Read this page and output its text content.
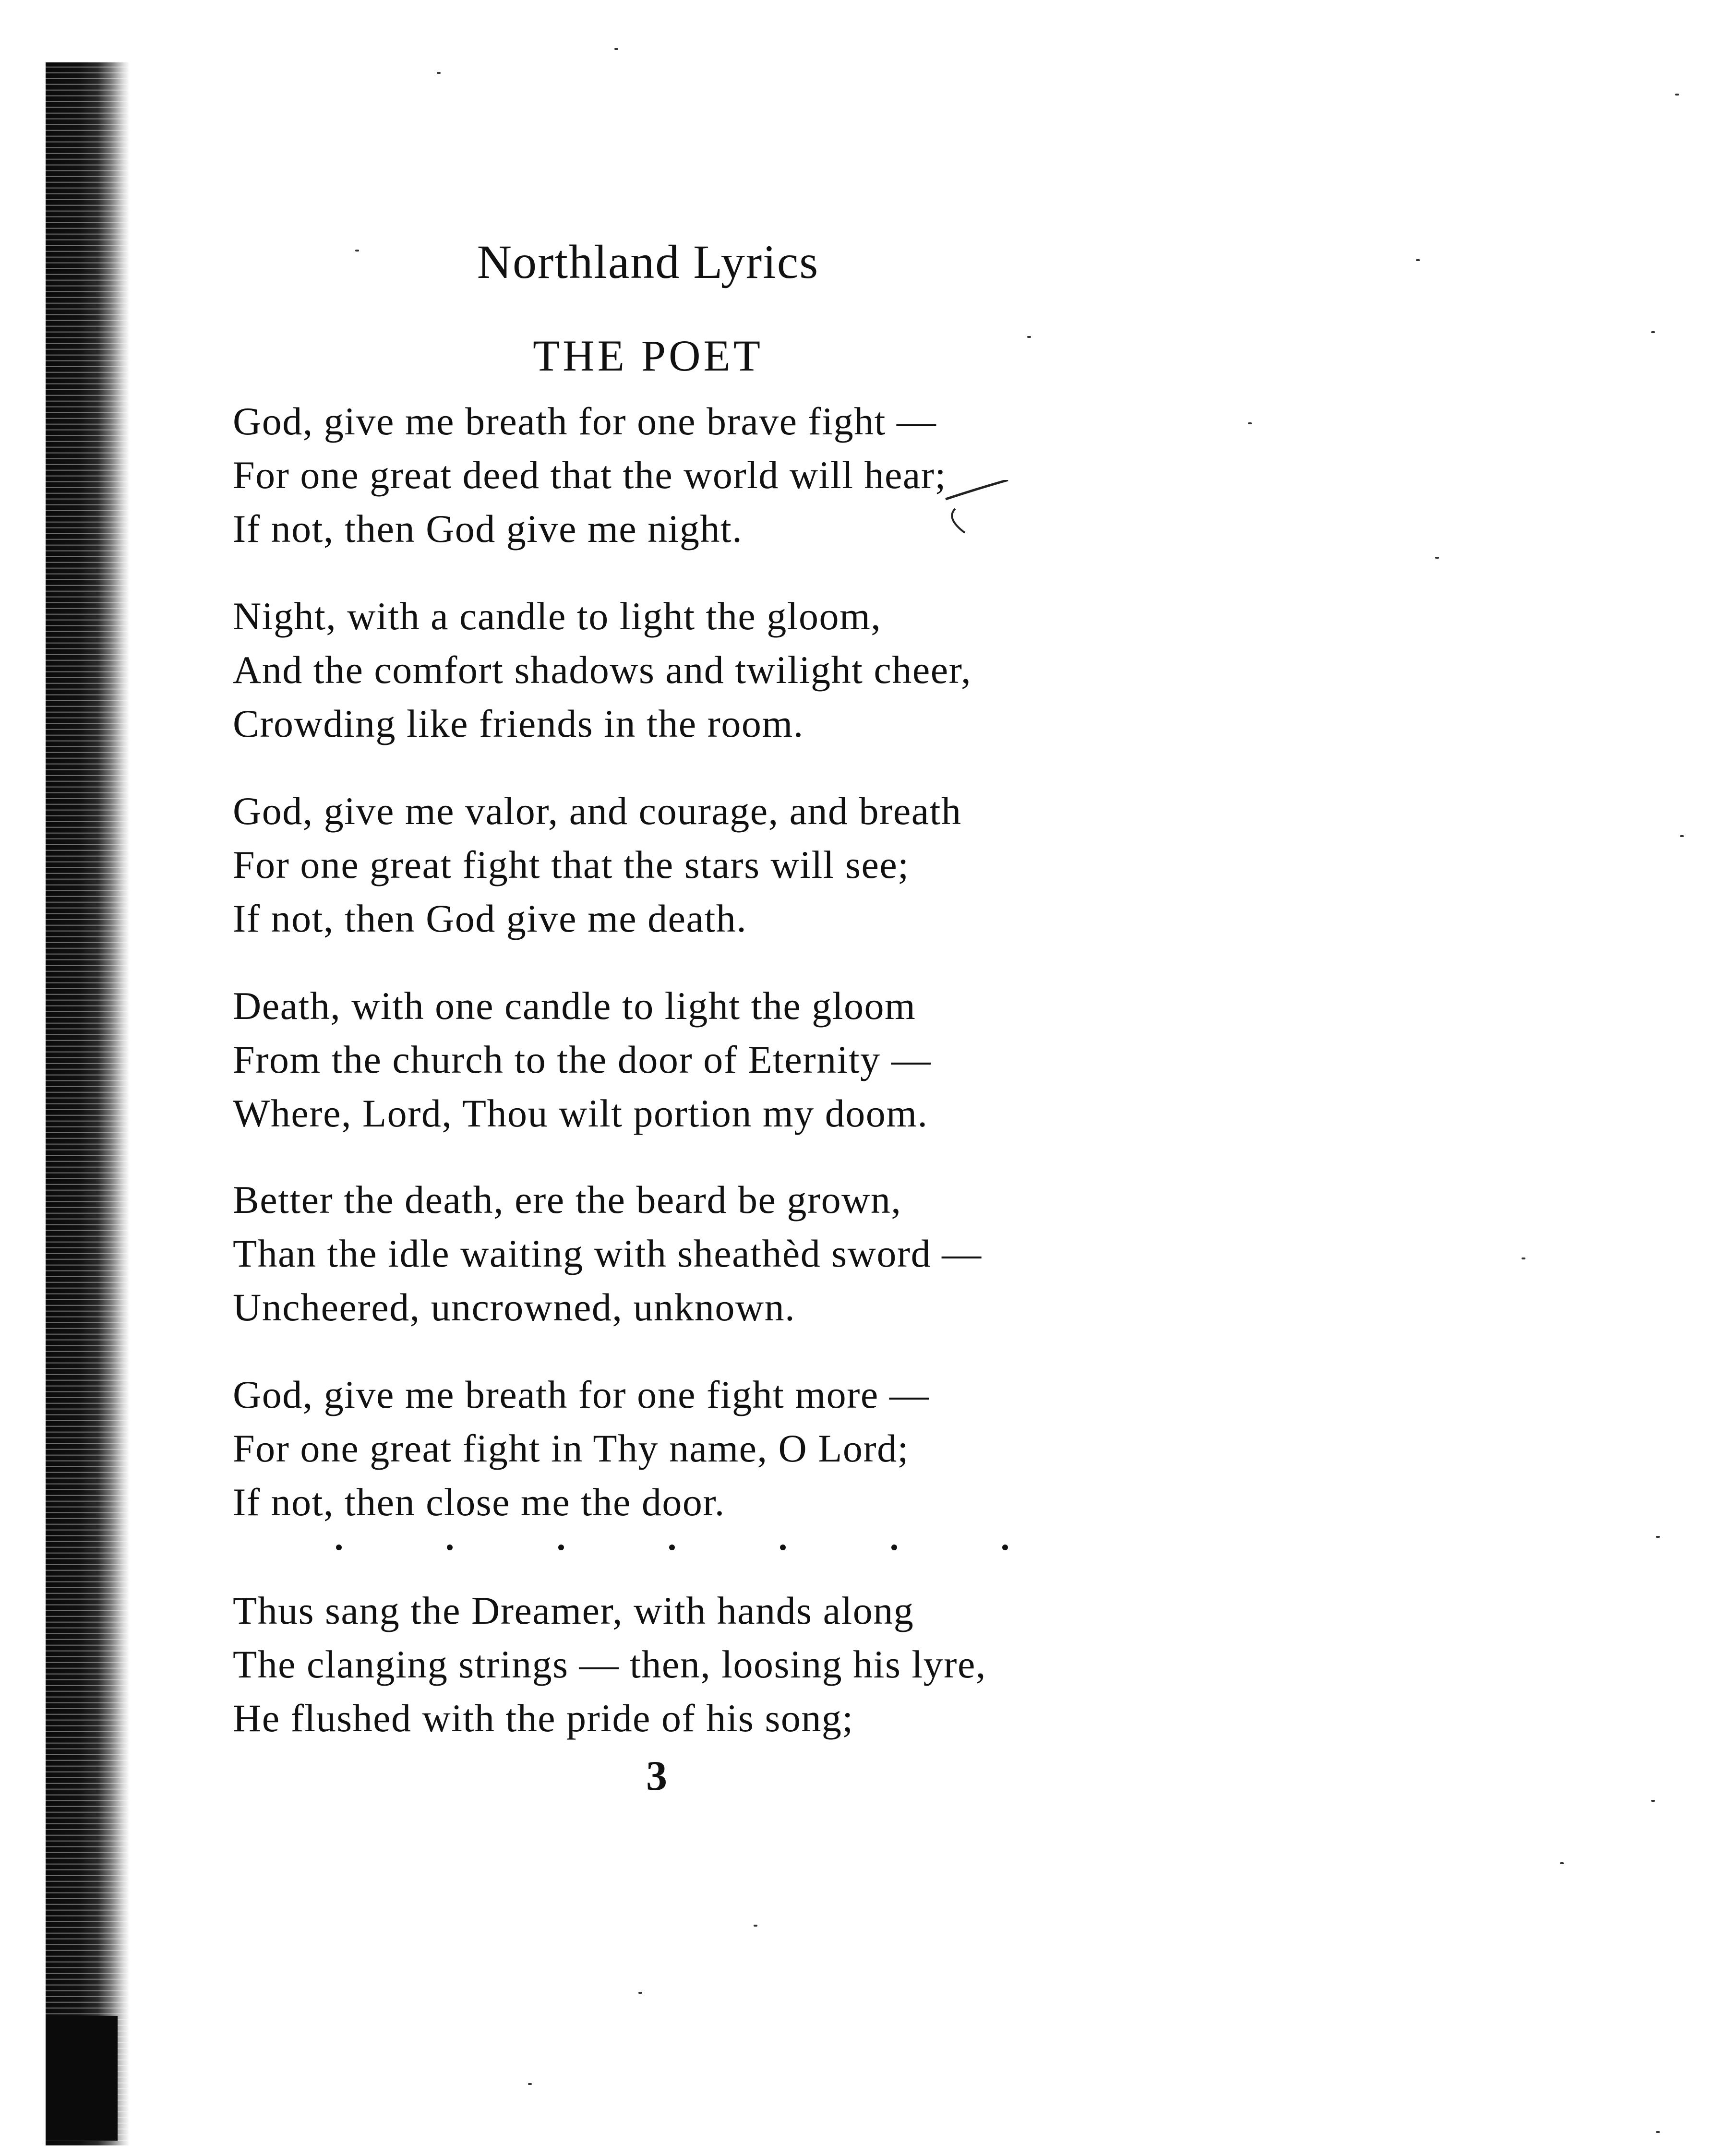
Northland Lyrics
THE POET
God, give me breath for one brave fight —
For one great deed that the world will hear;
If not, then God give me night.
Night, with a candle to light the gloom,
And the comfort shadows and twilight cheer,
Crowding like friends in the room.
God, give me valor, and courage, and breath
For one great fight that the stars will see;
If not, then God give me death.
Death, with one candle to light the gloom
From the church to the door of Eternity —
Where, Lord, Thou wilt portion my doom.
Better the death, ere the beard be grown,
Than the idle waiting with sheathèd sword —
Uncheered, uncrowned, unknown.
God, give me breath for one fight more —
For one great fight in Thy name, O Lord;
If not, then close me the door.
Thus sang the Dreamer, with hands along
The clanging strings — then, loosing his lyre,
He flushed with the pride of his song;
3
